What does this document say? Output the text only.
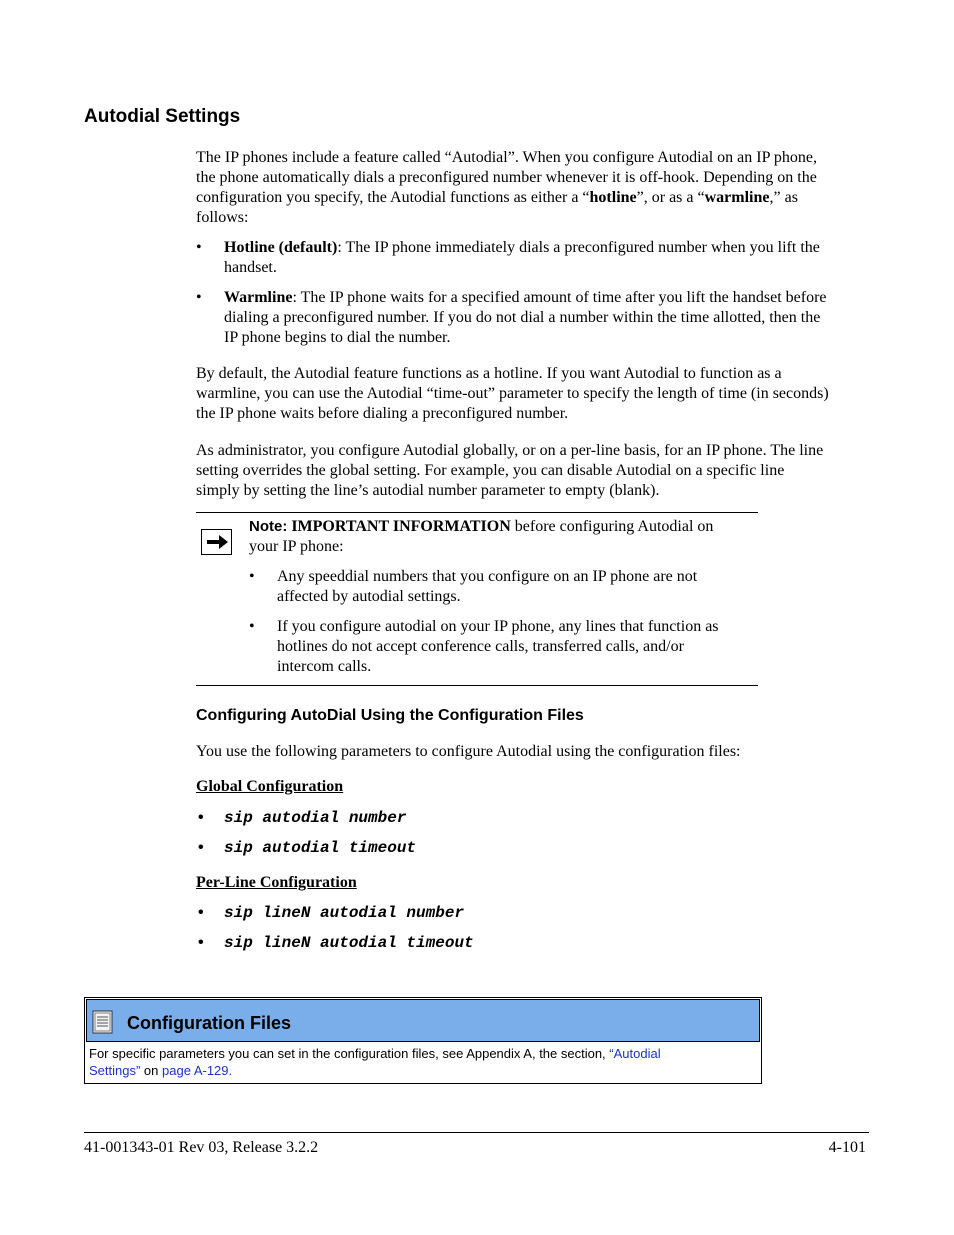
Autodial Settings
The IP phones include a feature called “Autodial”. When you configure Autodial on an IP phone,
the phone automatically dials a preconfigured number whenever it is off-hook. Depending on the
configuration you specify, the Autodial functions as either a “hotline”, or as a “warmline,” as
follows:
•	Hotline (default): The IP phone immediately dials a preconfigured number when you lift the
handset.
•	Warmline: The IP phone waits for a specified amount of time after you lift the handset before
dialing a preconfigured number. If you do not dial a number within the time allotted, then the
IP phone begins to dial the number.
By default, the Autodial feature functions as a hotline. If you want Autodial to function as a
warmline, you can use the Autodial “time-out” parameter to specify the length of time (in seconds)
the IP phone waits before dialing a preconfigured number.
As administrator, you configure Autodial globally, or on a per-line basis, for an IP phone. The line
setting overrides the global setting. For example, you can disable Autodial on a specific line
simply by setting the line’s autodial number parameter to empty (blank).
Note: IMPORTANT INFORMATION before configuring Autodial on
your IP phone:
• Any speeddial numbers that you configure on an IP phone are not
affected by autodial settings.
• If you configure autodial on your IP phone, any lines that function as
hotlines do not accept conference calls, transferred calls, and/or
intercom calls.
Configuring AutoDial Using the Configuration Files
You use the following parameters to configure Autodial using the configuration files:
Global Configuration
• sip autodial number
• sip autodial timeout
Per-Line Configuration
• sip lineN autodial number
• sip lineN autodial timeout
Configuration Files
For specific parameters you can set in the configuration files, see Appendix A, the section, “Autodial
Settings” on page A-129.
41-001343-01 Rev 03, Release 3.2.2	4-101
